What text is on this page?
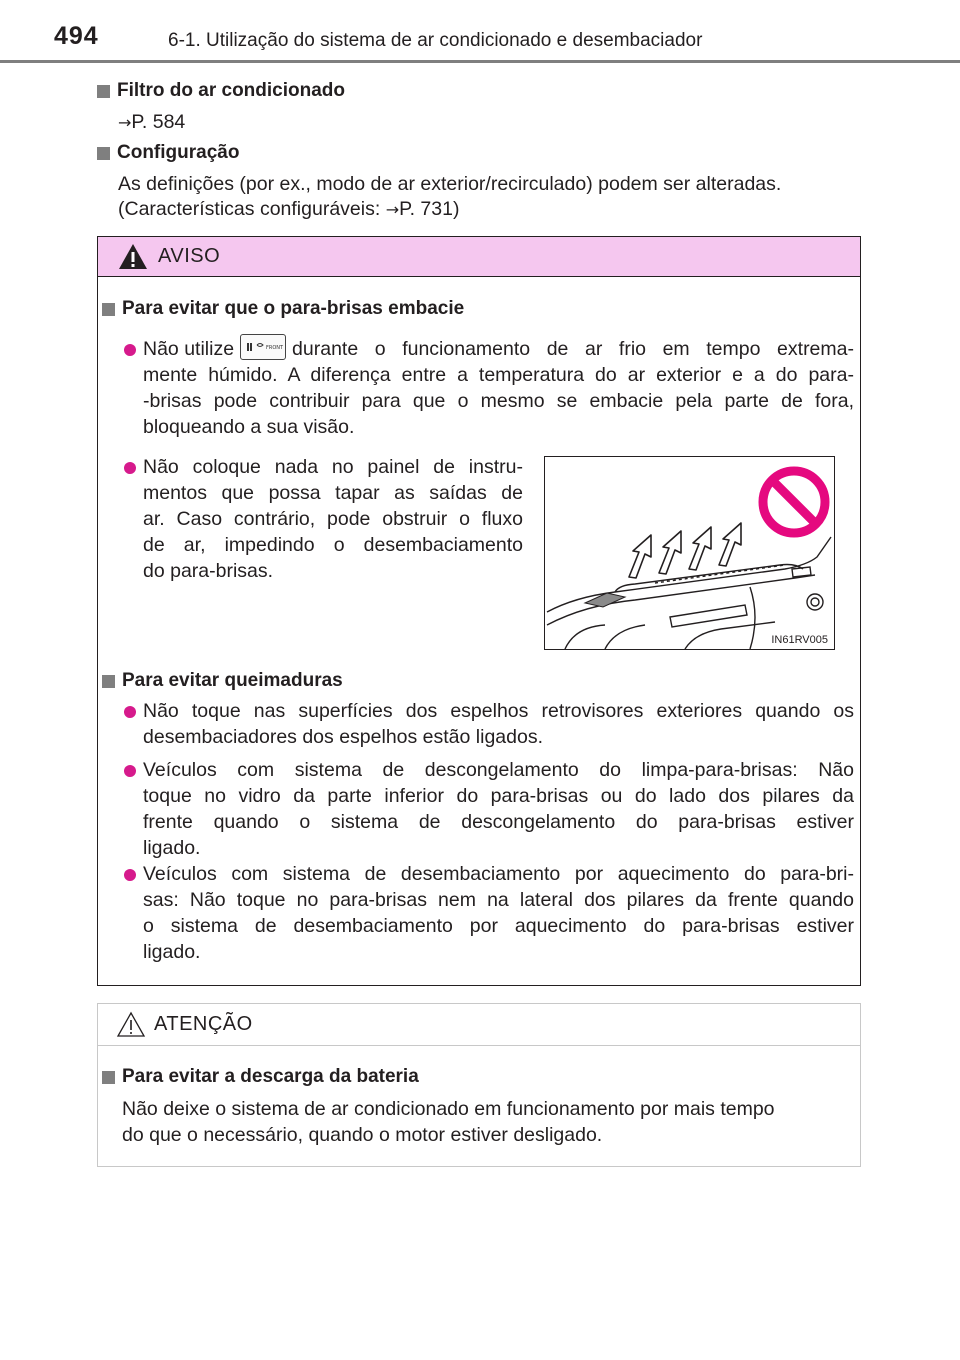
494	6-1. Utilização do sistema de ar condicionado e desembaciador
Filtro do ar condicionado
→P. 584
Configuração
As definições (por ex., modo de ar exterior/recirculado) podem ser alteradas.
(Características configuráveis: →P. 731)
AVISO
Para evitar que o para-brisas embacie
Não utilize	FRONT durante o funcionamento de ar frio em tempo extrema-
mente húmido. A diferença entre a temperatura do ar exterior e a do para-
-brisas pode contribuir para que o mesmo se embacie pela parte de fora,
bloqueando a sua visão.
Não coloque nada no painel de instru-
mentos que possa tapar as saídas de
ar. Caso contrário, pode obstruir o fluxo
de ar, impedindo o desembaciamento
do para-brisas.
IN61RV005
Para evitar queimaduras
Não toque nas superfícies dos espelhos retrovisores exteriores quando os
desembaciadores dos espelhos estão ligados.
Veículos com sistema de descongelamento do limpa-para-brisas: Não
toque no vidro da parte inferior do para-brisas ou do lado dos pilares da
frente quando o sistema de descongelamento do para-brisas estiver
ligado.
Veículos com sistema de desembaciamento por aquecimento do para-bri-
sas: Não toque no para-brisas nem na lateral dos pilares da frente quando
o sistema de desembaciamento por aquecimento do para-brisas estiver
ligado.
ATENÇÃO
Para evitar a descarga da bateria
Não deixe o sistema de ar condicionado em funcionamento por mais tempo
do que o necessário, quando o motor estiver desligado.
